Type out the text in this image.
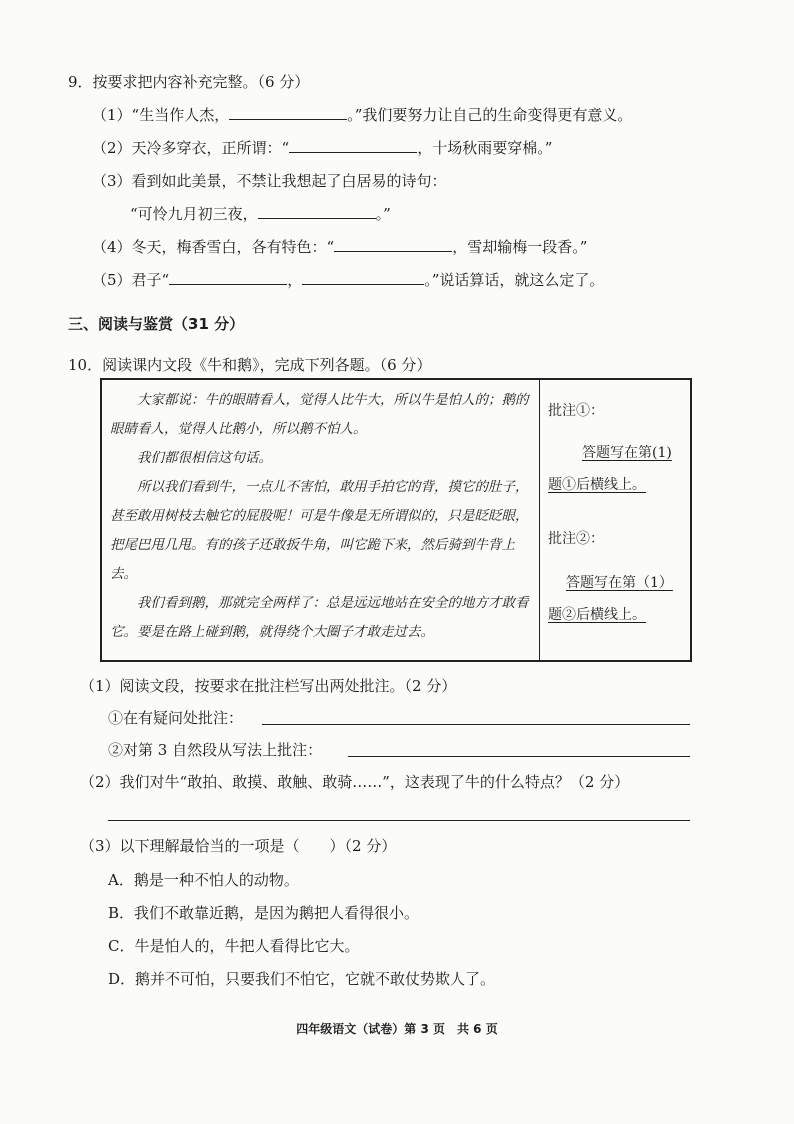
9．按要求把内容补充完整。（6 分）
（1）“生当作人杰，	。”我们要努力让自己的生命变得更有意义。
（2）天冷多穿衣，正所谓：“	，十场秋雨要穿棉。”
（3）看到如此美景，不禁让我想起了白居易的诗句：
“可怜九月初三夜，	。”
（4）冬天，梅香雪白，各有特色：“	，雪却输梅一段香。”
（5）君子“	，	。”说话算话，就这么定了。
三、阅读与鉴赏（31 分）
10．阅读课内文段《牛和鹅》，完成下列各题。（6 分）

大家都说：牛的眼睛看人，觉得人比牛大，所以牛是怕人的；鹅的眼睛看人，觉得人比鹅小，所以鹅不怕人。

我们都很相信这句话。

所以我们看到牛，一点儿不害怕，敢用手拍它的背，摸它的肚子，甚至敢用树枝去触它的屁股呢！可是牛像是无所谓似的，只是眨眨眼，把尾巴甩几甩。有的孩子还敢扳牛角，叫它跪下来，然后骑到牛背上去。

我们看到鹅，那就完全两样了：总是远远地站在安全的地方才敢看它。要是在路上碰到鹅，就得绕个大圈子才敢走过去。

批注①：
答题写在第(1)
题①后横线上。
批注②：
答题写在第（1）
题②后横线上。
（1）阅读文段，按要求在批注栏写出两处批注。（2 分）
①在有疑问处批注：
②对第 3 自然段从写法上批注：
（2）我们对牛“敢拍、敢摸、敢触、敢骑……”，这表现了牛的什么特点？（2 分）
（3）以下理解最恰当的一项是（　　）（2 分）
A．鹅是一种不怕人的动物。
B．我们不敢靠近鹅，是因为鹅把人看得很小。
C．牛是怕人的，牛把人看得比它大。
D．鹅并不可怕，只要我们不怕它，它就不敢仗势欺人了。
四年级语文（试卷）第 3 页　共 6 页
